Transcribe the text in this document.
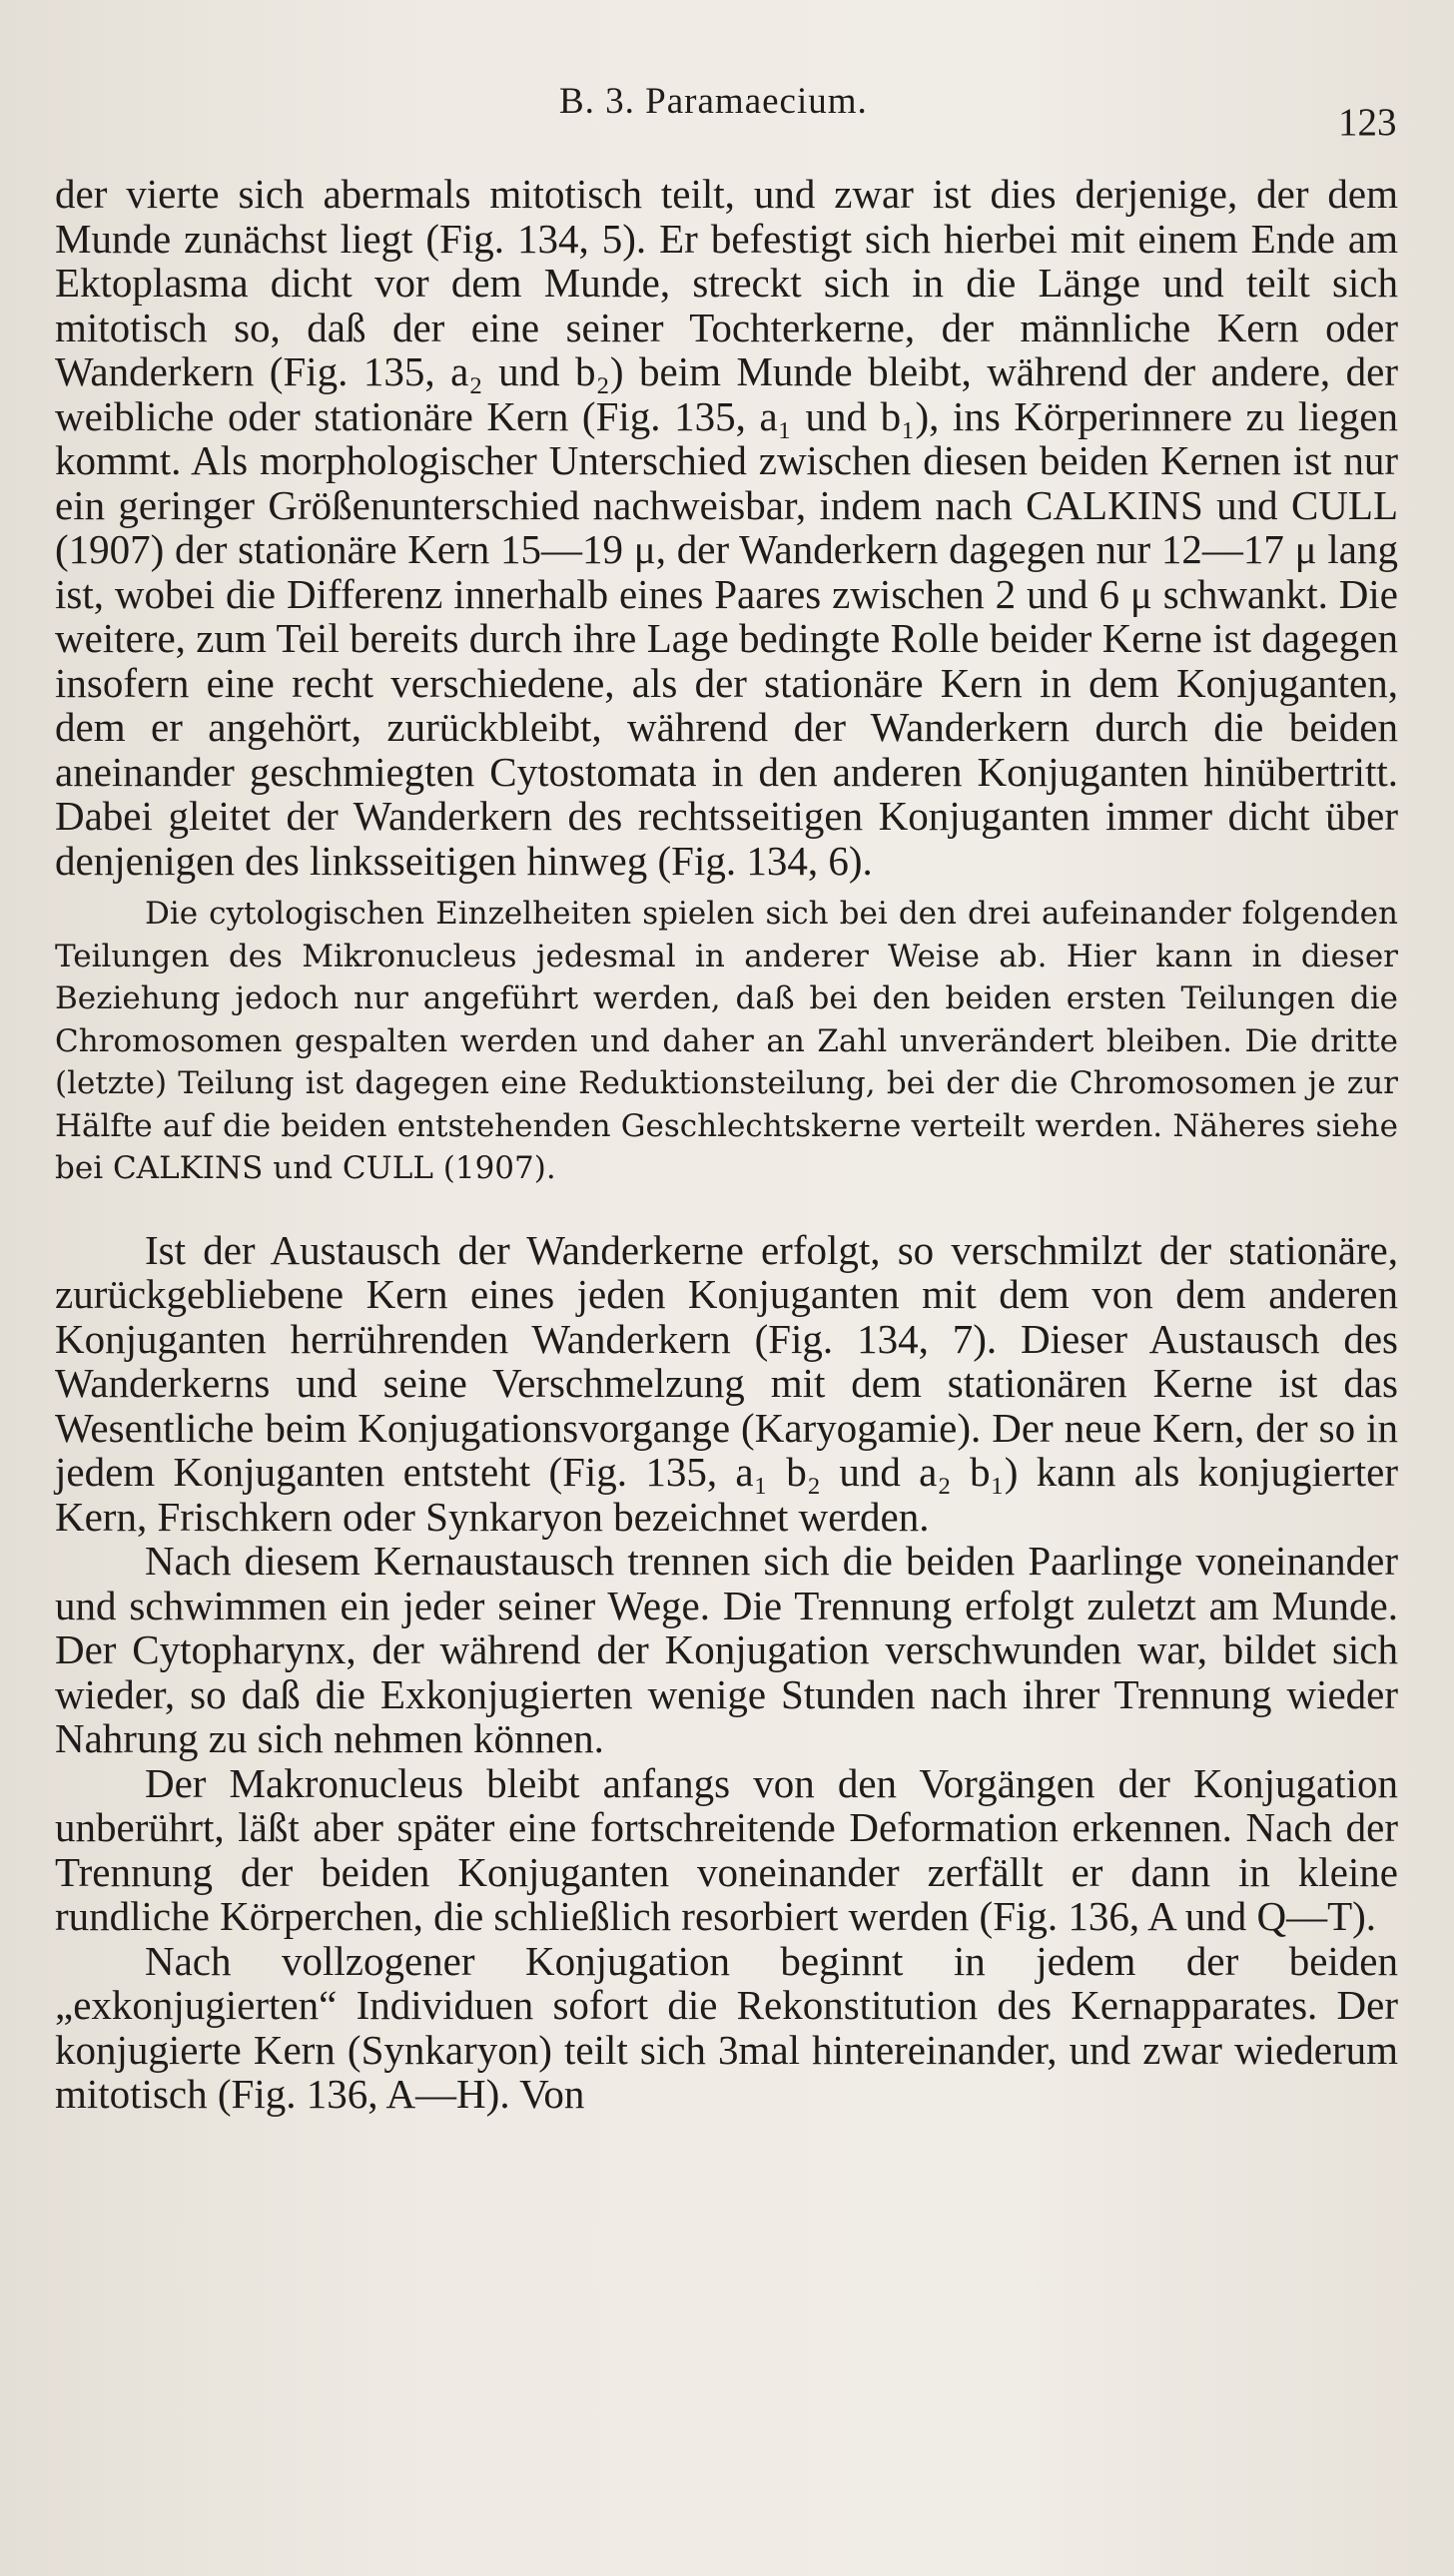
B. 3. Paramaecium.	123

der vierte sich abermals mitotisch teilt, und zwar ist dies derjenige, der dem Munde zunächst liegt (Fig. 134, 5). Er befestigt sich hierbei mit einem Ende am Ektoplasma dicht vor dem Munde, streckt sich in die Länge und teilt sich mitotisch so, daß der eine seiner Tochterkerne, der männliche Kern oder Wanderkern (Fig. 135, a₂ und b₂) beim Munde bleibt, während der andere, der weibliche oder stationäre Kern (Fig. 135, a₁ und b₁), ins Körperinnere zu liegen kommt. Als morphologischer Unterschied zwischen diesen beiden Kernen ist nur ein geringer Größenunterschied nachweisbar, indem nach CALKINS und CULL (1907) der stationäre Kern 15—19 μ, der Wanderkern dagegen nur 12—17 μ lang ist, wobei die Differenz innerhalb eines Paares zwischen 2 und 6 μ schwankt. Die weitere, zum Teil bereits durch ihre Lage bedingte Rolle beider Kerne ist dagegen insofern eine recht verschiedene, als der stationäre Kern in dem Konjuganten, dem er angehört, zurückbleibt, während der Wanderkern durch die beiden aneinander geschmiegten Cytostomata in den anderen Konjuganten hinübertritt. Dabei gleitet der Wanderkern des rechtsseitigen Konjuganten immer dicht über denjenigen des linksseitigen hinweg (Fig. 134, 6).

Die cytologischen Einzelheiten spielen sich bei den drei aufeinander folgenden Teilungen des Mikronucleus jedesmal in anderer Weise ab. Hier kann in dieser Beziehung jedoch nur angeführt werden, daß bei den beiden ersten Teilungen die Chromosomen gespalten werden und daher an Zahl unverändert bleiben. Die dritte (letzte) Teilung ist dagegen eine Reduktionsteilung, bei der die Chromosomen je zur Hälfte auf die beiden entstehenden Geschlechtskerne verteilt werden. Näheres siehe bei CALKINS und CULL (1907).

Ist der Austausch der Wanderkerne erfolgt, so verschmilzt der stationäre, zurückgebliebene Kern eines jeden Konjuganten mit dem von dem anderen Konjuganten herrührenden Wanderkern (Fig. 134, 7). Dieser Austausch des Wanderkerns und seine Verschmelzung mit dem stationären Kerne ist das Wesentliche beim Konjugationsvorgange (Karyogamie). Der neue Kern, der so in jedem Konjuganten entsteht (Fig. 135, a₁ b₂ und a₂ b₁) kann als konjugierter Kern, Frischkern oder Synkaryon bezeichnet werden.

Nach diesem Kernaustausch trennen sich die beiden Paarlinge voneinander und schwimmen ein jeder seiner Wege. Die Trennung erfolgt zuletzt am Munde. Der Cytopharynx, der während der Konjugation verschwunden war, bildet sich wieder, so daß die Exkonjugierten wenige Stunden nach ihrer Trennung wieder Nahrung zu sich nehmen können.

Der Makronucleus bleibt anfangs von den Vorgängen der Konjugation unberührt, läßt aber später eine fortschreitende Deformation erkennen. Nach der Trennung der beiden Konjuganten voneinander zerfällt er dann in kleine rundliche Körperchen, die schließlich resorbiert werden (Fig. 136, A und Q—T).

Nach vollzogener Konjugation beginnt in jedem der beiden „exkonjugierten“ Individuen sofort die Rekonstitution des Kernapparates. Der konjugierte Kern (Synkaryon) teilt sich 3mal hintereinander, und zwar wiederum mitotisch (Fig. 136, A—H). Von
